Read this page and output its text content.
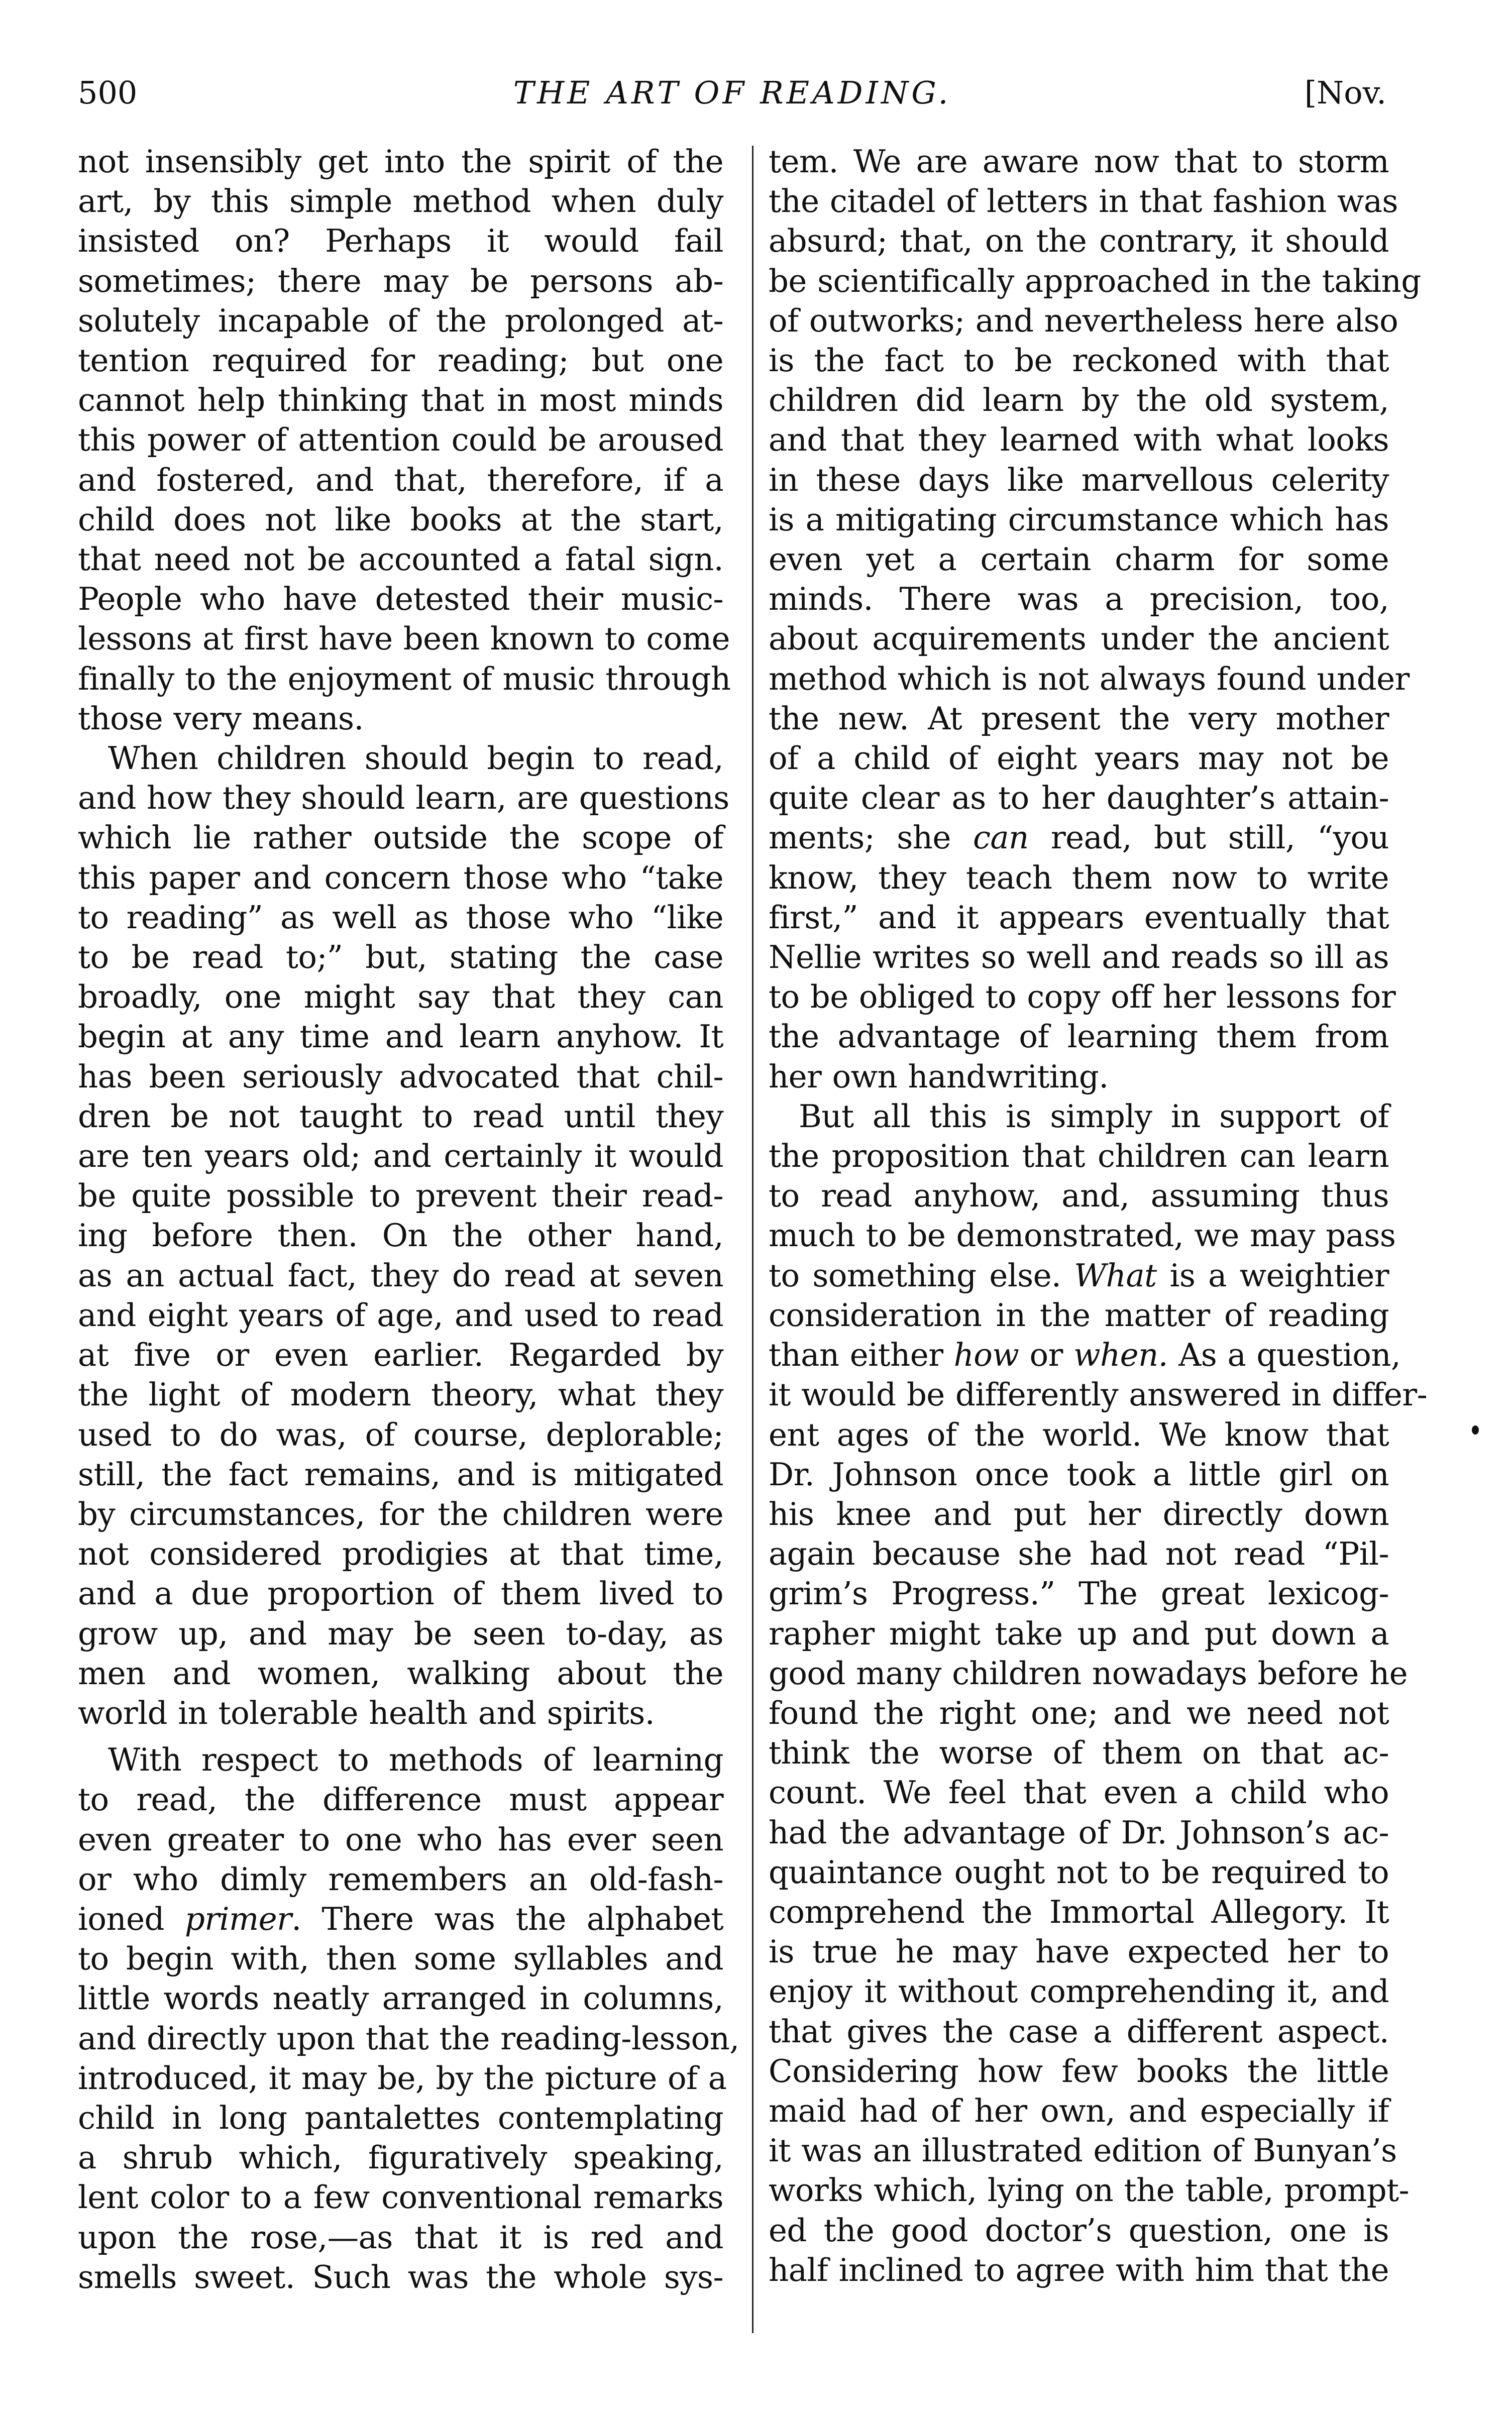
500	THE ART OF READING.	[Nov.
not insensibly get into the spirit of the
art, by this simple method when duly
insisted on? Perhaps it would fail
sometimes; there may be persons ab-
solutely incapable of the prolonged at-
tention required for reading; but one
cannot help thinking that in most minds
this power of attention could be aroused
and fostered, and that, therefore, if a
child does not like books at the start,
that need not be accounted a fatal sign.
People who have detested their music-
lessons at first have been known to come
finally to the enjoyment of music through
those very means.
When children should begin to read,
and how they should learn, are questions
which lie rather outside the scope of
this paper and concern those who “take
to reading” as well as those who “like
to be read to;” but, stating the case
broadly, one might say that they can
begin at any time and learn anyhow. It
has been seriously advocated that chil-
dren be not taught to read until they
are ten years old; and certainly it would
be quite possible to prevent their read-
ing before then. On the other hand,
as an actual fact, they do read at seven
and eight years of age, and used to read
at five or even earlier. Regarded by
the light of modern theory, what they
used to do was, of course, deplorable;
still, the fact remains, and is mitigated
by circumstances, for the children were
not considered prodigies at that time,
and a due proportion of them lived to
grow up, and may be seen to-day, as
men and women, walking about the
world in tolerable health and spirits.
With respect to methods of learning
to read, the difference must appear
even greater to one who has ever seen
or who dimly remembers an old-fash-
ioned primer. There was the alphabet
to begin with, then some syllables and
little words neatly arranged in columns,
and directly upon that the reading-lesson,
introduced, it may be, by the picture of a
child in long pantalettes contemplating
a shrub which, figuratively speaking,
lent color to a few conventional remarks
upon the rose,—as that it is red and
smells sweet. Such was the whole sys-
tem. We are aware now that to storm
the citadel of letters in that fashion was
absurd; that, on the contrary, it should
be scientifically approached in the taking
of outworks; and nevertheless here also
is the fact to be reckoned with that
children did learn by the old system,
and that they learned with what looks
in these days like marvellous celerity
is a mitigating circumstance which has
even yet a certain charm for some
minds. There was a precision, too,
about acquirements under the ancient
method which is not always found under
the new. At present the very mother
of a child of eight years may not be
quite clear as to her daughter’s attain-
ments; she can read, but still, “you
know, they teach them now to write
first,” and it appears eventually that
Nellie writes so well and reads so ill as
to be obliged to copy off her lessons for
the advantage of learning them from
her own handwriting.
But all this is simply in support of
the proposition that children can learn
to read anyhow, and, assuming thus
much to be demonstrated, we may pass
to something else. What is a weightier
consideration in the matter of reading
than either how or when. As a question,
it would be differently answered in differ-
ent ages of the world. We know that
Dr. Johnson once took a little girl on
his knee and put her directly down
again because she had not read “Pil-
grim’s Progress.” The great lexicog-
rapher might take up and put down a
good many children nowadays before he
found the right one; and we need not
think the worse of them on that ac-
count. We feel that even a child who
had the advantage of Dr. Johnson’s ac-
quaintance ought not to be required to
comprehend the Immortal Allegory. It
is true he may have expected her to
enjoy it without comprehending it, and
that gives the case a different aspect.
Considering how few books the little
maid had of her own, and especially if
it was an illustrated edition of Bunyan’s
works which, lying on the table, prompt-
ed the good doctor’s question, one is
half inclined to agree with him that the
